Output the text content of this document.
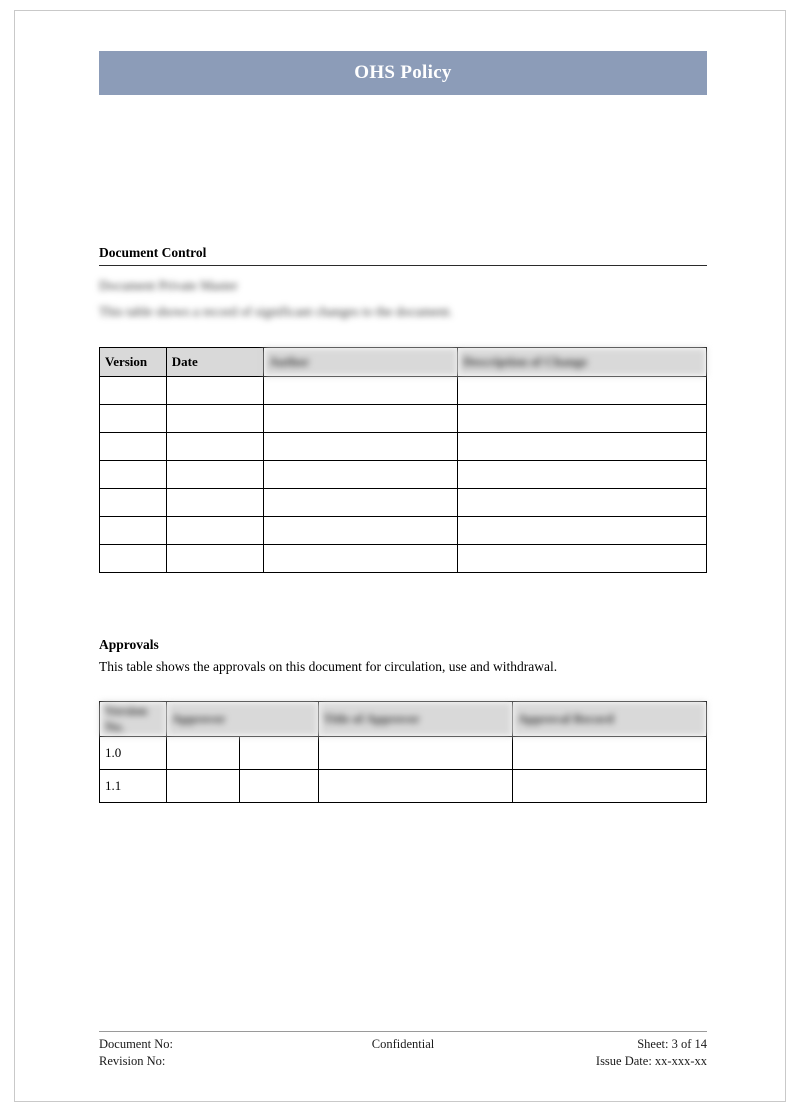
OHS Policy
Document Control

Document Private Master

This table shows a record of significant changes to the document.

Version	Date	Author	Description of Change

Approvals

This table shows the approvals on this document for circulation, use and withdrawal.

Version No.	Approver		Title of Approver	Approval Record
1.0				
1.1				
Document No:	Confidential	Sheet: 3 of 14
Revision No:	Issue Date: xx-xxx-xx
